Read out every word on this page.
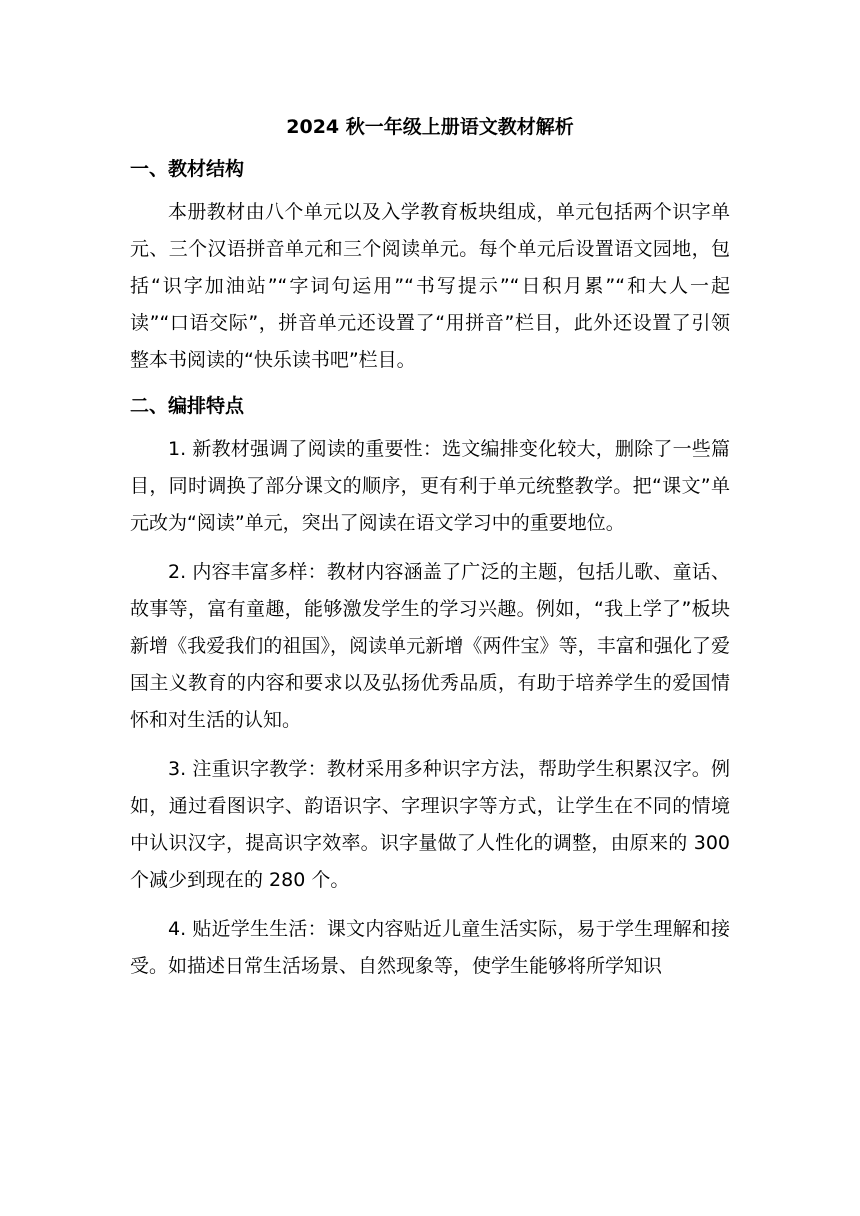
2024 秋一年级上册语文教材解析
一、教材结构

本册教材由八个单元以及入学教育板块组成，单元包括两个识字单元、三个汉语拼音单元和三个阅读单元。每个单元后设置语文园地，包括“识字加油站”“字词句运用”“书写提示”“日积月累”“和大人一起读”“口语交际”，拼音单元还设置了“用拼音”栏目，此外还设置了引领整本书阅读的“快乐读书吧”栏目。

二、编排特点

1. 新教材强调了阅读的重要性：选文编排变化较大，删除了一些篇目，同时调换了部分课文的顺序，更有利于单元统整教学。把“课文”单元改为“阅读”单元，突出了阅读在语文学习中的重要地位。

2. 内容丰富多样：教材内容涵盖了广泛的主题，包括儿歌、童话、故事等，富有童趣，能够激发学生的学习兴趣。例如，“我上学了”板块新增《我爱我们的祖国》，阅读单元新增《两件宝》等，丰富和强化了爱国主义教育的内容和要求以及弘扬优秀品质，有助于培养学生的爱国情怀和对生活的认知。

3. 注重识字教学：教材采用多种识字方法，帮助学生积累汉字。例如，通过看图识字、韵语识字、字理识字等方式，让学生在不同的情境中认识汉字，提高识字效率。识字量做了人性化的调整，由原来的 300 个减少到现在的 280 个。

4. 贴近学生生活：课文内容贴近儿童生活实际，易于学生理解和接受。如描述日常生活场景、自然现象等，使学生能够将所学知识
